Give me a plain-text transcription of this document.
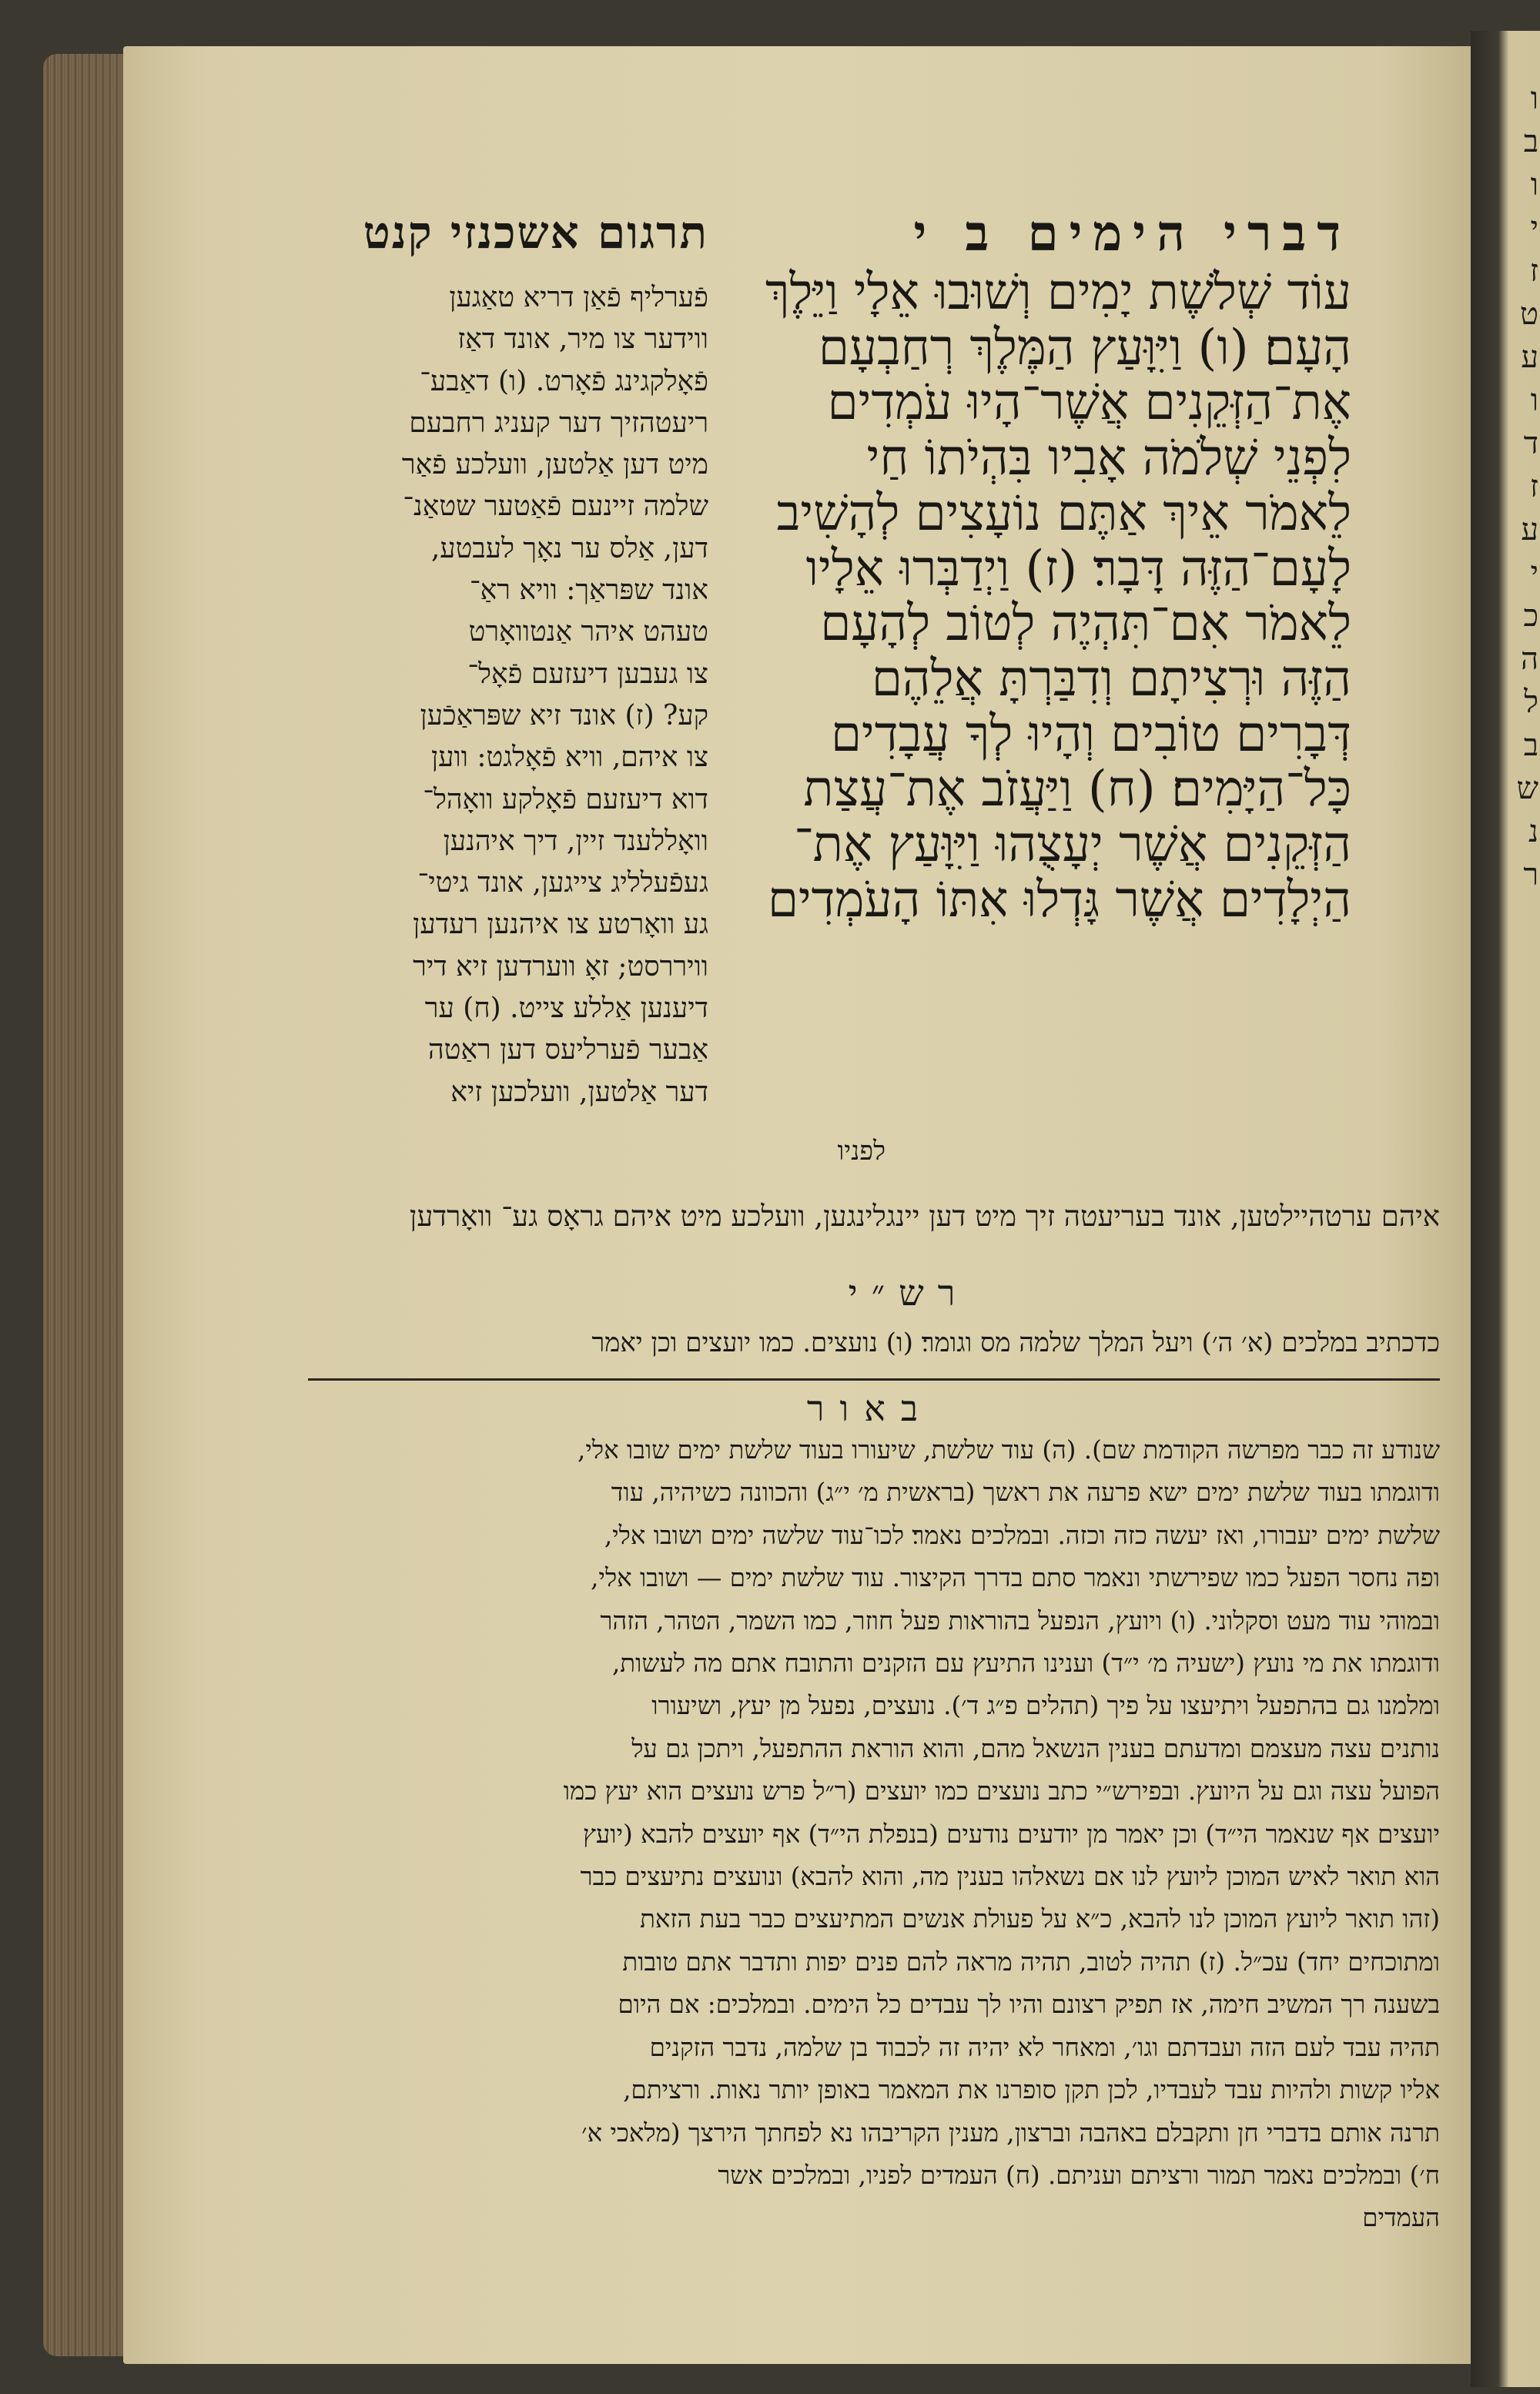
ו ב ו י ז ט ע ו ד ז ע י כ ה ל ב ש נ ר
תרגום אשכנזי קנט	דברי הימים ב י

פֿערליף פֿאַן דריא טאַגען

ווידער צו מיר, אונד דאַז

פֿאָלקגינג פֿאָרט. (ו) דאַבע־

ריעטהזיך דער קעניג רחבעם

מיט דען אַלטען, וועלכע פֿאַר

שלמה זיינעם פֿאַטער שטאַנ־

דען, אַלס ער נאָך לעבטע,

אונד שפּראַך: וויא ראַ־

טעהט איהר אַנטוואָרט

צו געבען דיעזעם פֿאָל־

קע? (ז) אונד זיא שפּראַכֿען

צו איהם, וויא פֿאָלגט: ווען

דוא דיעזעם פֿאָלקע וואָהל־

וואָללענד זיין, דיך איהנען

געפֿעלליג צייגען, אונד גיטי־

גע וואָרטע צו איהנען רעדען

וויררסט; זאָ ווערדען זיא דיר

דיענען אַללע צייט. (ח) ער

אַבער פֿערליעס דען ראַטה

דער אַלטען, וועלכען זיא

עוֹד שְׁלֹשֶׁת יָמִים וְשׁוּבוּ אֵלָי וַיֵּלֶךְ

הָעָם׃ (ו) וַיִּוָּעַץ הַמֶּלֶךְ רְחַבְעָם

אֶת־הַזְּקֵנִים אֲשֶׁר־הָיוּ עֹמְדִים

לִפְנֵי שְׁלֹמֹה אָבִיו בִּהְיֹתוֹ חַי

לֵאמֹר אֵיךְ אַתֶּם נוֹעָצִים לְהָשִׁיב

לָעָם־הַזֶּה דָּבָר׃ (ז) וַיְדַבְּרוּ אֵלָיו

לֵאמֹר אִם־תִּהְיֶה לְטוֹב לְהָעָם

הַזֶּה וּרְצִיתָם וְדִבַּרְתָּ אֲלֵהֶם

דְּבָרִים טוֹבִים וְהָיוּ לְךָ עֲבָדִים

כָּל־הַיָּמִים׃ (ח) וַיַּעֲזֹב אֶת־עֲצַת

הַזְּקֵנִים אֲשֶׁר יְעָצֻהוּ וַיִּוָּעַץ אֶת־

הַיְלָדִים אֲשֶׁר גָּדְלוּ אִתּוֹ הָעֹמְדִים

לפניו
איהם ערטהיילטען, אונד בעריעטה זיך מיט דען יינגלינגען, וועלכע מיט איהם גראָס גע־ וואָרדען
רש״י
כדכתיב במלכים (א׳ ה׳) ויעל המלך שלמה מס וגומר׃ (ו) נועצים. כמו יועצים וכן יאמר
באור

שנודע זה כבר מפרשה הקודמת שם). (ה) עוד שלשת, שיעורו בעוד שלשת ימים שובו אלי,

ודוגמתו בעוד שלשת ימים ישא פרעה את ראשך (בראשית מ׳ י״ג) והכוונה כשיהיה, עוד

שלשת ימים יעבורו, ואז יעשה כזה וכזה. ובמלכים נאמר׃ לכו־עוד שלשה ימים ושובו אלי,

ופה נחסר הפעל כמו שפירשתי ונאמר סתם בדרך הקיצור. עוד שלשת ימים — ושובו אלי,

ובמוהי עוד מעט וסקלוני. (ו) ויועץ, הנפעל בהוראות פעל חוזר, כמו השמר, הטהר, הזהר

ודוגמתו את מי נועץ (ישעיה מ׳ י״ד) וענינו התיעץ עם הזקנים והתובח אתם מה לעשות,

ומלמנו גם בהתפעל ויתיעצו על פיך (תהלים פ״ג ד׳). נועצים, נפעל מן יעץ, ושיעורו

נותנים עצה מעצמם ומדעתם בענין הנשאל מהם, והוא הוראת ההתפעל, ויתכן גם על

הפועל עצה וגם על היועץ. ובפירש״י כתב נועצים כמו יועצים (ר״ל פרש נועצים הוא יעץ כמו

יועצים אף שנאמר הי״ד) וכן יאמר מן יודעים נודעים (בנפלת הי״ד) אף יועצים להבא (יועץ

הוא תואר לאיש המוכן ליועץ לנו אם נשאלהו בענין מה, והוא להבא) ונועצים נתיעצים כבר

(זהו תואר ליועץ המוכן לנו להבא, כ״א על פעולת אנשים המתיעצים כבר בעת הזאת

ומתוכחים יחד) עכ״ל. (ז) תהיה לטוב, תהיה מראה להם פנים יפות ותדבר אתם טובות

בשענה רך המשיב חימה, אז תפיק רצונם והיו לך עבדים כל הימים. ובמלכים: אם היום

תהיה עבד לעם הזה ועבדתם וגו׳, ומאחר לא יהיה זה לכבוד בן שלמה, נדבר הזקנים

אליו קשות ולהיות עבד לעבדיו, לכן תקן סופרנו את המאמר באופן יותר נאות. ורציתם,

תרנה אותם בדברי חן ותקבלם באהבה וברצון, מענין הקריבהו נא לפחתך הירצך (מלאכי א׳

ח׳) ובמלכים נאמר תמור ורציתם ועניתם. (ח) העמדים לפניו, ובמלכים אשר

העמדים
